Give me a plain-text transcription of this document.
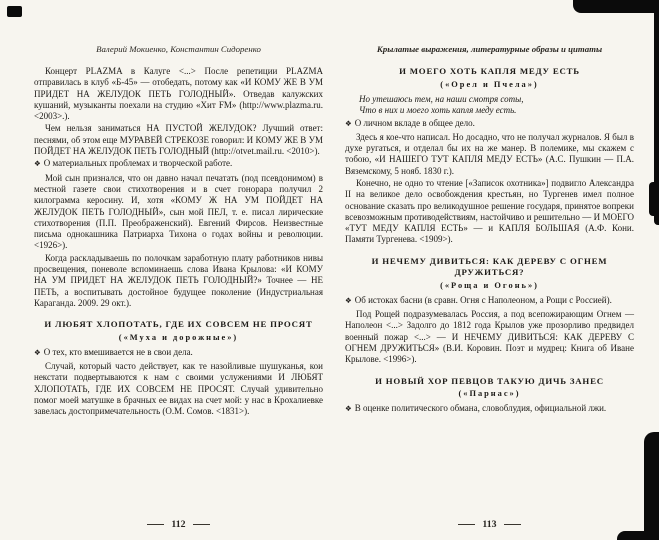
Валерий Мокиенко, Константин Сидоренко
Концерт PLAZMA в Калуге <...> После репетиции PLAZMA отправилась в клуб «Б-45» — отобедать, потому как «И КОМУ ЖЕ В УМ ПРИДЕТ НА ЖЕЛУДОК ПЕТЬ ГОЛОДНЫЙ». Отведав калужских кушаний, музыканты поехали на студию «Хит FM» (http://www.plazma.ru. <2003>.).
Чем нельзя заниматься НА ПУСТОЙ ЖЕЛУДОК? Лучший ответ: песнями, об этом еще МУРАВЕЙ СТРЕКОЗЕ говорил: И КОМУ ЖЕ В УМ ПОЙДЕТ НА ЖЕЛУДОК ПЕТЬ ГОЛОДНЫЙ (http://otvet.mail.ru. <2010>).
❖ О материальных проблемах и творческой работе.
Мой сын признался, что он давно начал печатать (под псевдонимом) в местной газете свои стихотворения и в счет гонорара получил 2 килограмма керосину. И, хотя «КОМУ Ж НА УМ ПОЙДЕТ НА ЖЕЛУДОК ПЕТЬ ГОЛОДНЫЙ», сын мой ПЕЛ, т. е. писал лирические стихотворения (П.П. Преображенский). Евгений Фирсов. Неизвестные письма однокашника Патриарха Тихона о годах войны и революции. <1926>).
Когда раскладываешь по полочкам заработную плату работников нивы просвещения, поневоле вспоминаешь слова Ивана Крылова: «И КОМУ НА УМ ПРИДЕТ НА ЖЕЛУДОК ПЕТЬ ГОЛОДНЫЙ?» Точнее — НЕ ПЕТЬ, а воспитывать достойное будущее поколение (Индустриальная Караганда. 2009. 29 окт.).
И ЛЮБЯТ ХЛОПОТАТЬ, ГДЕ ИХ СОВСЕМ НЕ ПРОСЯТ
(«Муха и дорожные»)
❖ О тех, кто вмешивается не в свои дела.
Случай, который часто действует, как те назойливые шушуканья, кои некстати подвертываются к нам с своими услужениями И ЛЮБЯТ ХЛОПОТАТЬ, ГДЕ ИХ СОВСЕМ НЕ ПРОСЯТ. Случай удивительно помог моей матушке в брачных ее видах на счет мой: у нас в Крохалиевке завелась достопримечательность (О.М. Сомов. <1831>).
112
Крылатые выражения, литературные образы и цитаты
И МОЕГО ХОТЬ КАПЛЯ МЕДУ ЕСТЬ
(«Орел и Пчела»)
Но утешаюсь тем, на наши смотря соты,
Что в них и моего хоть капля меду есть.
❖ О личном вкладе в общее дело.
Здесь я кое-что написал. Но досадно, что не получал журналов. Я был в духе ругаться, и отделал бы их на же манер. В полемике, мы скажем с тобою, «И НАШЕГО ТУТ КАПЛЯ МЕДУ ЕСТЬ» (А.С. Пушкин — П.А. Вяземскому, 5 нояб. 1830 г.).
Конечно, не одно то чтение [«Записок охотника»] подвигло Александра II на великое дело освобождения крестьян, но Тургенев имел полное основание сказать про великодушное решение государя, принятое вопреки всевозможным противодействиям, настойчиво и решительно — И МОЕГО «ТУТ МЕДУ КАПЛЯ ЕСТЬ» — и КАПЛЯ БОЛЬШАЯ (А.Ф. Кони. Памяти Тургенева. <1909>).
И НЕЧЕМУ ДИВИТЬСЯ: КАК ДЕРЕВУ С ОГНЕМ ДРУЖИТЬСЯ?
(«Роща и Огонь»)
❖ Об истоках басни (в сравн. Огня с Наполеоном, а Рощи с Россией).
Под Рощей подразумевалась Россия, а под всепожирающим Огнем — Наполеон <...> Задолго до 1812 года Крылов уже прозорливо предвидел военный пожар <...> — И НЕЧЕМУ ДИВИТЬСЯ: КАК ДЕРЕВУ С ОГНЕМ ДРУЖИТЬСЯ» (В.И. Коровин. Поэт и мудрец: Книга об Иване Крылове. <1996>).
И НОВЫЙ ХОР ПЕВЦОВ ТАКУЮ ДИЧЬ ЗАНЕС
(«Парнас»)
❖ В оценке политического обмана, словоблудия, официальной лжи.
113
